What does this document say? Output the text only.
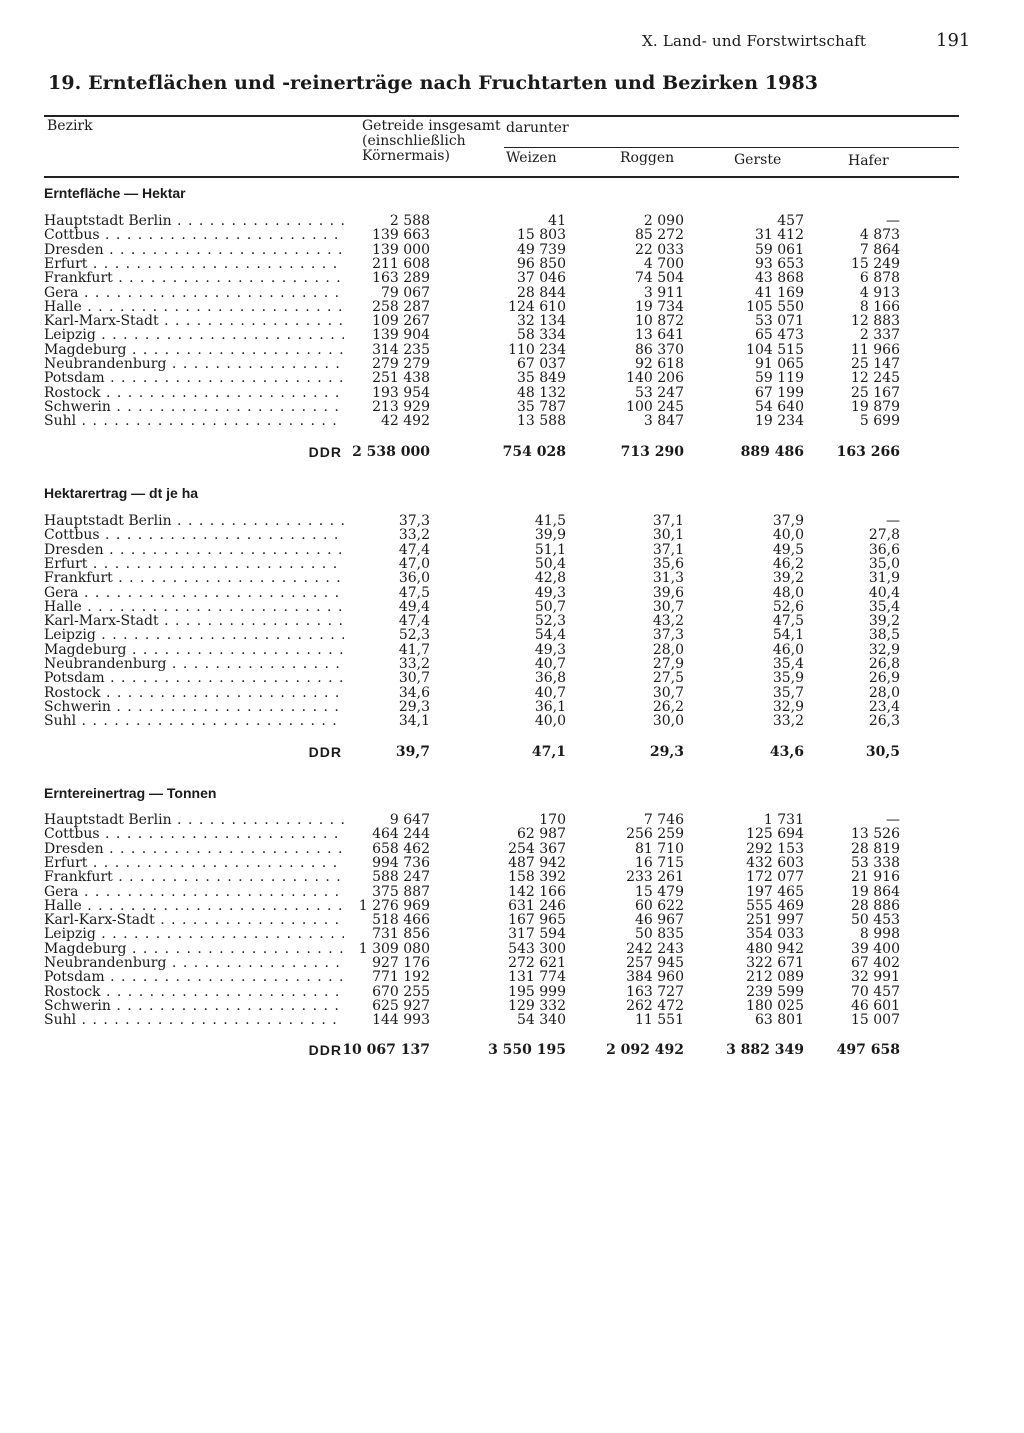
X. Land- und Forstwirtschaft	191
19. Ernteflächen und -reinerträge nach Fruchtarten und Bezirken 1983
Bezirk	Getreide insgesamt
(einschließlich
Körnermais)
darunter
Weizen	Roggen	Gerste	Hafer
Erntefläche — Hektar
Hauptstadt Berlin . . .	2 588	41	2 090	457	—
Cottbus . . .	139 663	15 803	85 272	31 412	4 873
Dresden . . .	139 000	49 739	22 033	59 061	7 864
Erfurt . . .	211 608	96 850	4 700	93 653	15 249
Frankfurt . . .	163 289	37 046	74 504	43 868	6 878
Gera . . .	79 067	28 844	3 911	41 169	4 913
Halle . . .	258 287	124 610	19 734	105 550	8 166
Karl-Marx-Stadt . . .	109 267	32 134	10 872	53 071	12 883
Leipzig . . .	139 904	58 334	13 641	65 473	2 337
Magdeburg . . .	314 235	110 234	86 370	104 515	11 966
Neubrandenburg . . .	279 279	67 037	92 618	91 065	25 147
Potsdam . . .	251 438	35 849	140 206	59 119	12 245
Rostock . . .	193 954	48 132	53 247	67 199	25 167
Schwerin . . .	213 929	35 787	100 245	54 640	19 879
Suhl . . .	42 492	13 588	3 847	19 234	5 699
DDR 2 538 000	754 028	713 290	889 486	163 266
Hektarertrag — dt je ha
Hauptstadt Berlin . . .	37,3	41,5	37,1	37,9	—
Cottbus . . .	33,2	39,9	30,1	40,0	27,8
Dresden . . .	47,4	51,1	37,1	49,5	36,6
Erfurt . . .	47,0	50,4	35,6	46,2	35,0
Frankfurt . . .	36,0	42,8	31,3	39,2	31,9
Gera . . .	47,5	49,3	39,6	48,0	40,4
Halle . . .	49,4	50,7	30,7	52,6	35,4
Karl-Marx-Stadt . . .	47,4	52,3	43,2	47,5	39,2
Leipzig . . .	52,3	54,4	37,3	54,1	38,5
Magdeburg . . .	41,7	49,3	28,0	46,0	32,9
Neubrandenburg . . .	33,2	40,7	27,9	35,4	26,8
Potsdam . . .	30,7	36,8	27,5	35,9	26,9
Rostock . . .	34,6	40,7	30,7	35,7	28,0
Schwerin . . .	29,3	36,1	26,2	32,9	23,4
Suhl . . .	34,1	40,0	30,0	33,2	26,3
DDR	39,7	47,1	29,3	43,6	30,5
Erntereinertrag — Tonnen
Hauptstadt Berlin . . .	9 647	170	7 746	1 731	—
Cottbus . . .	464 244	62 987	256 259	125 694	13 526
Dresden . . .	658 462	254 367	81 710	292 153	28 819
Erfurt . . .	994 736	487 942	16 715	432 603	53 338
Frankfurt . . .	588 247	158 392	233 261	172 077	21 916
Gera . . .	375 887	142 166	15 479	197 465	19 864
Halle . . .	1 276 969	631 246	60 622	555 469	28 886
Karl-Karx-Stadt . . .	518 466	167 965	46 967	251 997	50 453
Leipzig . . .	731 856	317 594	50 835	354 033	8 998
Magdeburg . . .	1 309 080	543 300	242 243	480 942	39 400
Neubrandenburg . . .	927 176	272 621	257 945	322 671	67 402
Potsdam . . .	771 192	131 774	384 960	212 089	32 991
Rostock . . .	670 255	195 999	163 727	239 599	70 457
Schwerin . . .	625 927	129 332	262 472	180 025	46 601
Suhl . . .	144 993	54 340	11 551	63 801	15 007
DDR 10 067 137	3 550 195	2 092 492	3 882 349	497 658
